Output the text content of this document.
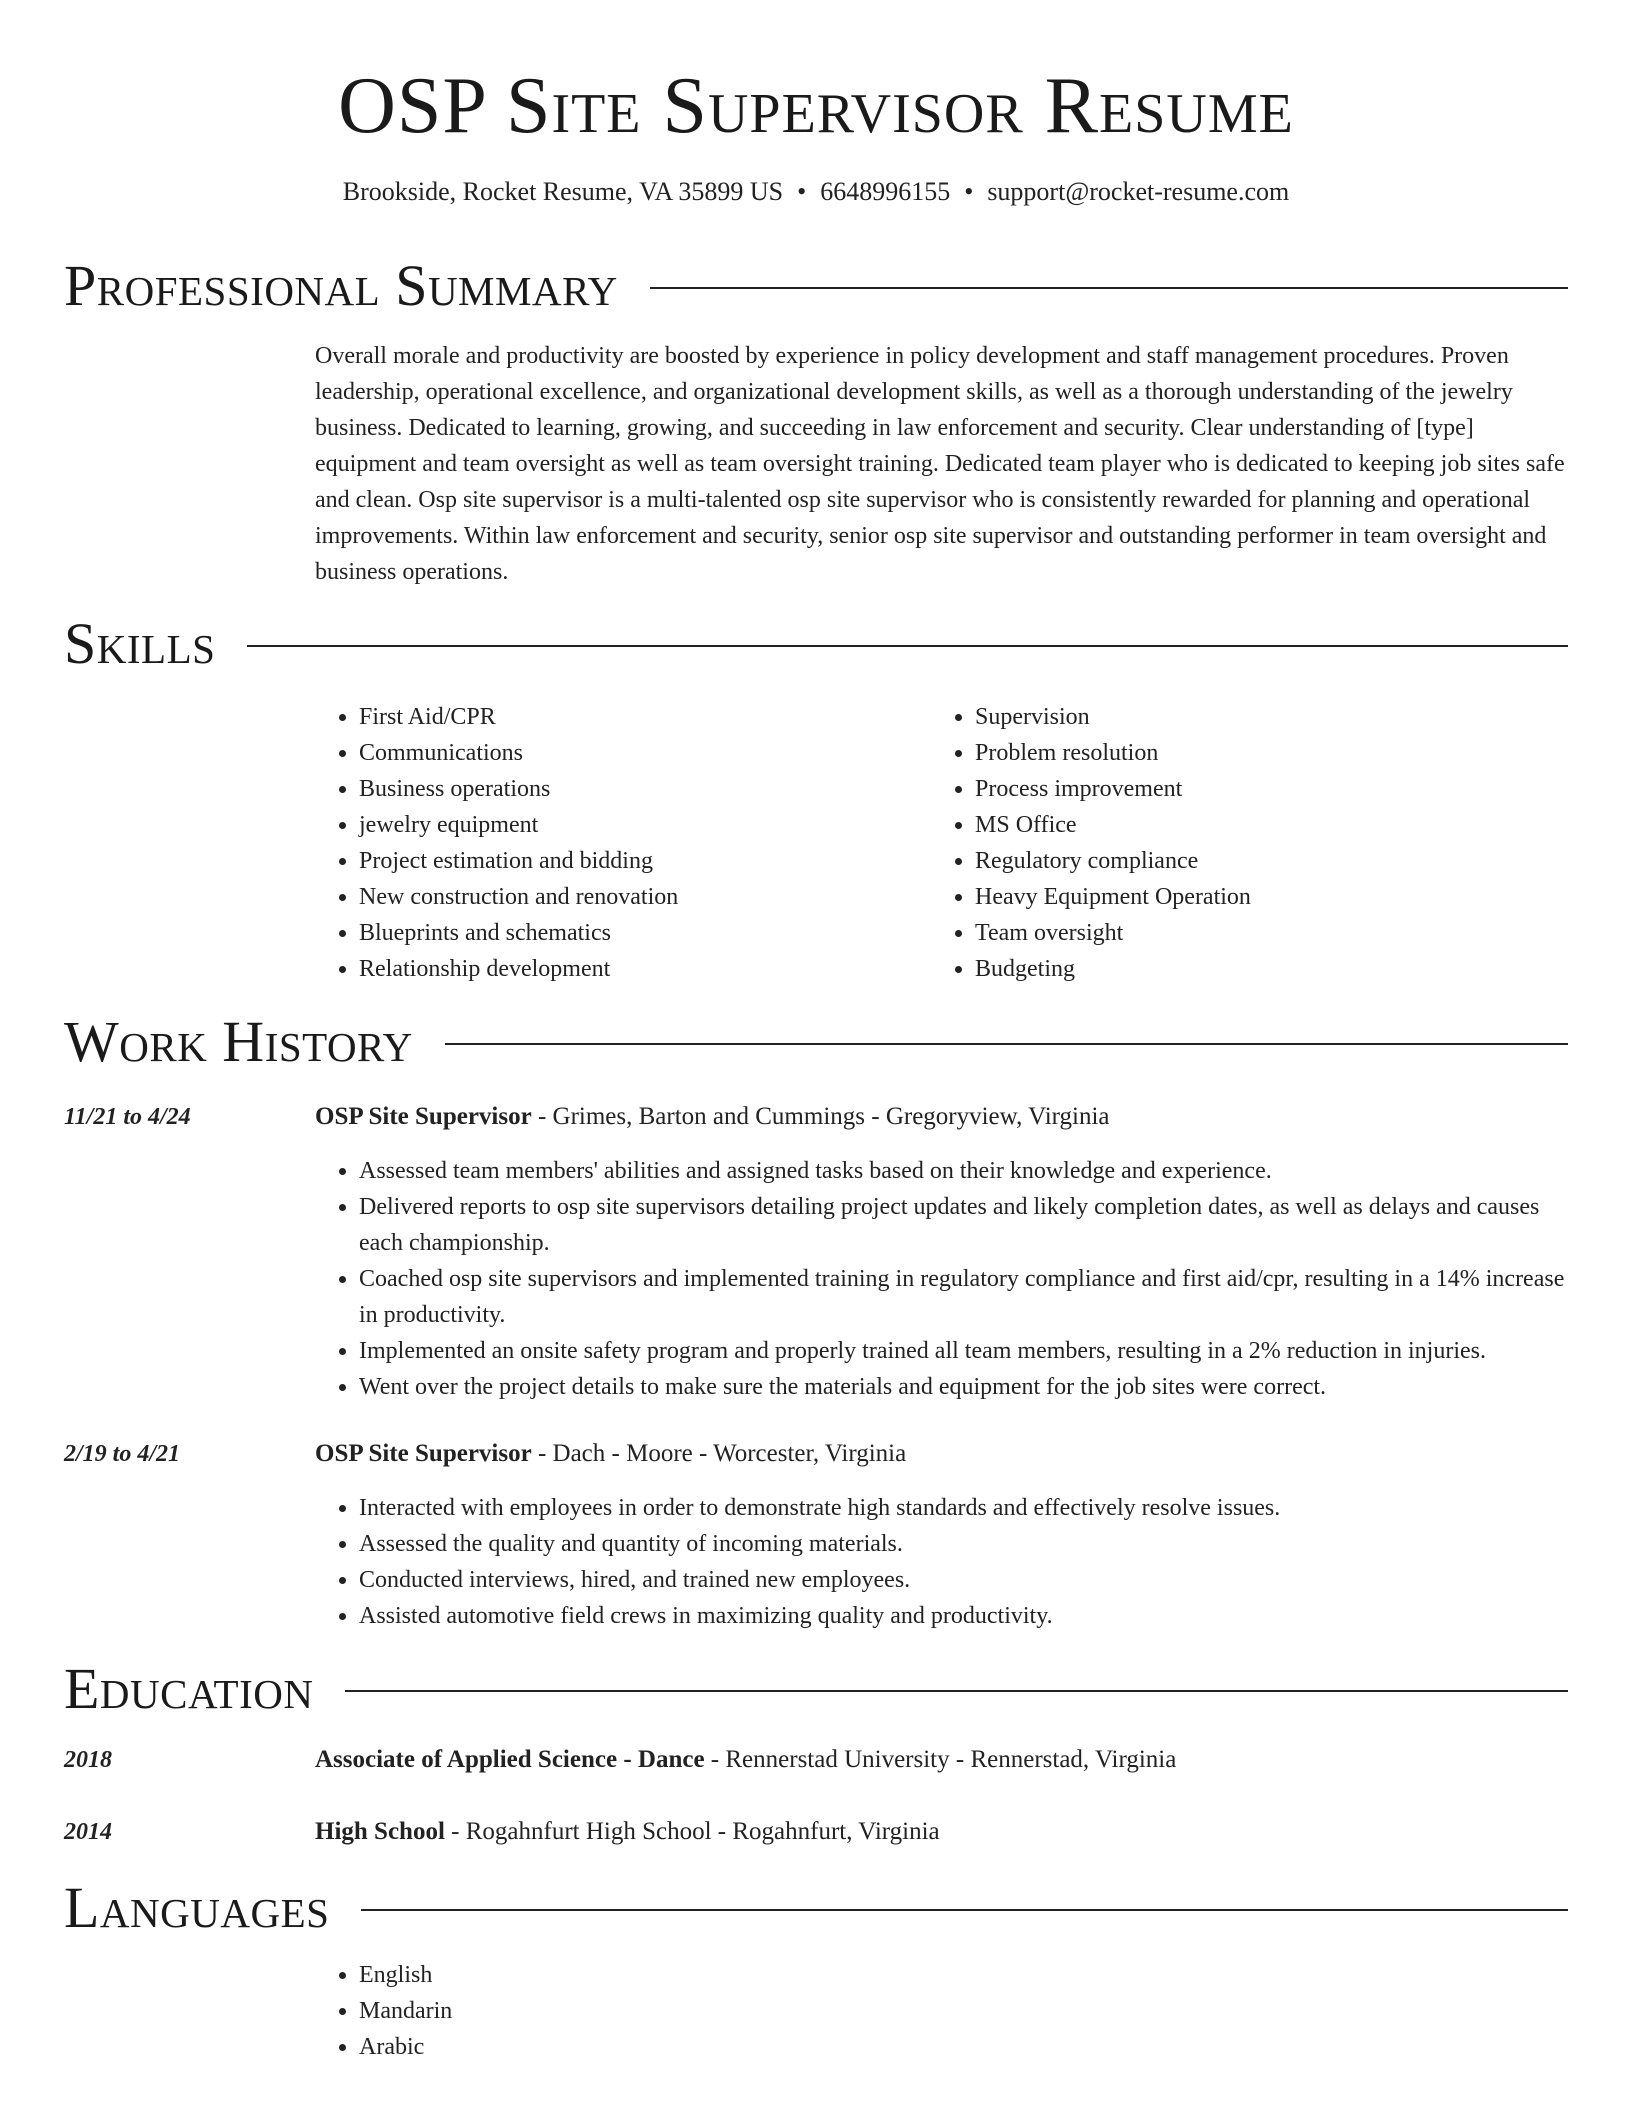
OSP Site Supervisor Resume
Brookside, Rocket Resume, VA 35899 US • 6648996155 • support@rocket-resume.com
Professional Summary
Overall morale and productivity are boosted by experience in policy development and staff management procedures. Proven leadership, operational excellence, and organizational development skills, as well as a thorough understanding of the jewelry business. Dedicated to learning, growing, and succeeding in law enforcement and security. Clear understanding of [type] equipment and team oversight as well as team oversight training. Dedicated team player who is dedicated to keeping job sites safe and clean. Osp site supervisor is a multi-talented osp site supervisor who is consistently rewarded for planning and operational improvements. Within law enforcement and security, senior osp site supervisor and outstanding performer in team oversight and business operations.
Skills
• First Aid/CPR
• Communications
• Business operations
• jewelry equipment
• Project estimation and bidding
• New construction and renovation
• Blueprints and schematics
• Relationship development
• Supervision
• Problem resolution
• Process improvement
• MS Office
• Regulatory compliance
• Heavy Equipment Operation
• Team oversight
• Budgeting
Work History
11/21 to 4/24	OSP Site Supervisor - Grimes, Barton and Cummings - Gregoryview, Virginia
• Assessed team members' abilities and assigned tasks based on their knowledge and experience.
• Delivered reports to osp site supervisors detailing project updates and likely completion dates, as well as delays and causes each championship.
• Coached osp site supervisors and implemented training in regulatory compliance and first aid/cpr, resulting in a 14% increase in productivity.
• Implemented an onsite safety program and properly trained all team members, resulting in a 2% reduction in injuries.
• Went over the project details to make sure the materials and equipment for the job sites were correct.
2/19 to 4/21	OSP Site Supervisor - Dach - Moore - Worcester, Virginia
• Interacted with employees in order to demonstrate high standards and effectively resolve issues.
• Assessed the quality and quantity of incoming materials.
• Conducted interviews, hired, and trained new employees.
• Assisted automotive field crews in maximizing quality and productivity.
Education
2018	Associate of Applied Science - Dance - Rennerstad University - Rennerstad, Virginia
2014	High School - Rogahnfurt High School - Rogahnfurt, Virginia
Languages
• English
• Mandarin
• Arabic
